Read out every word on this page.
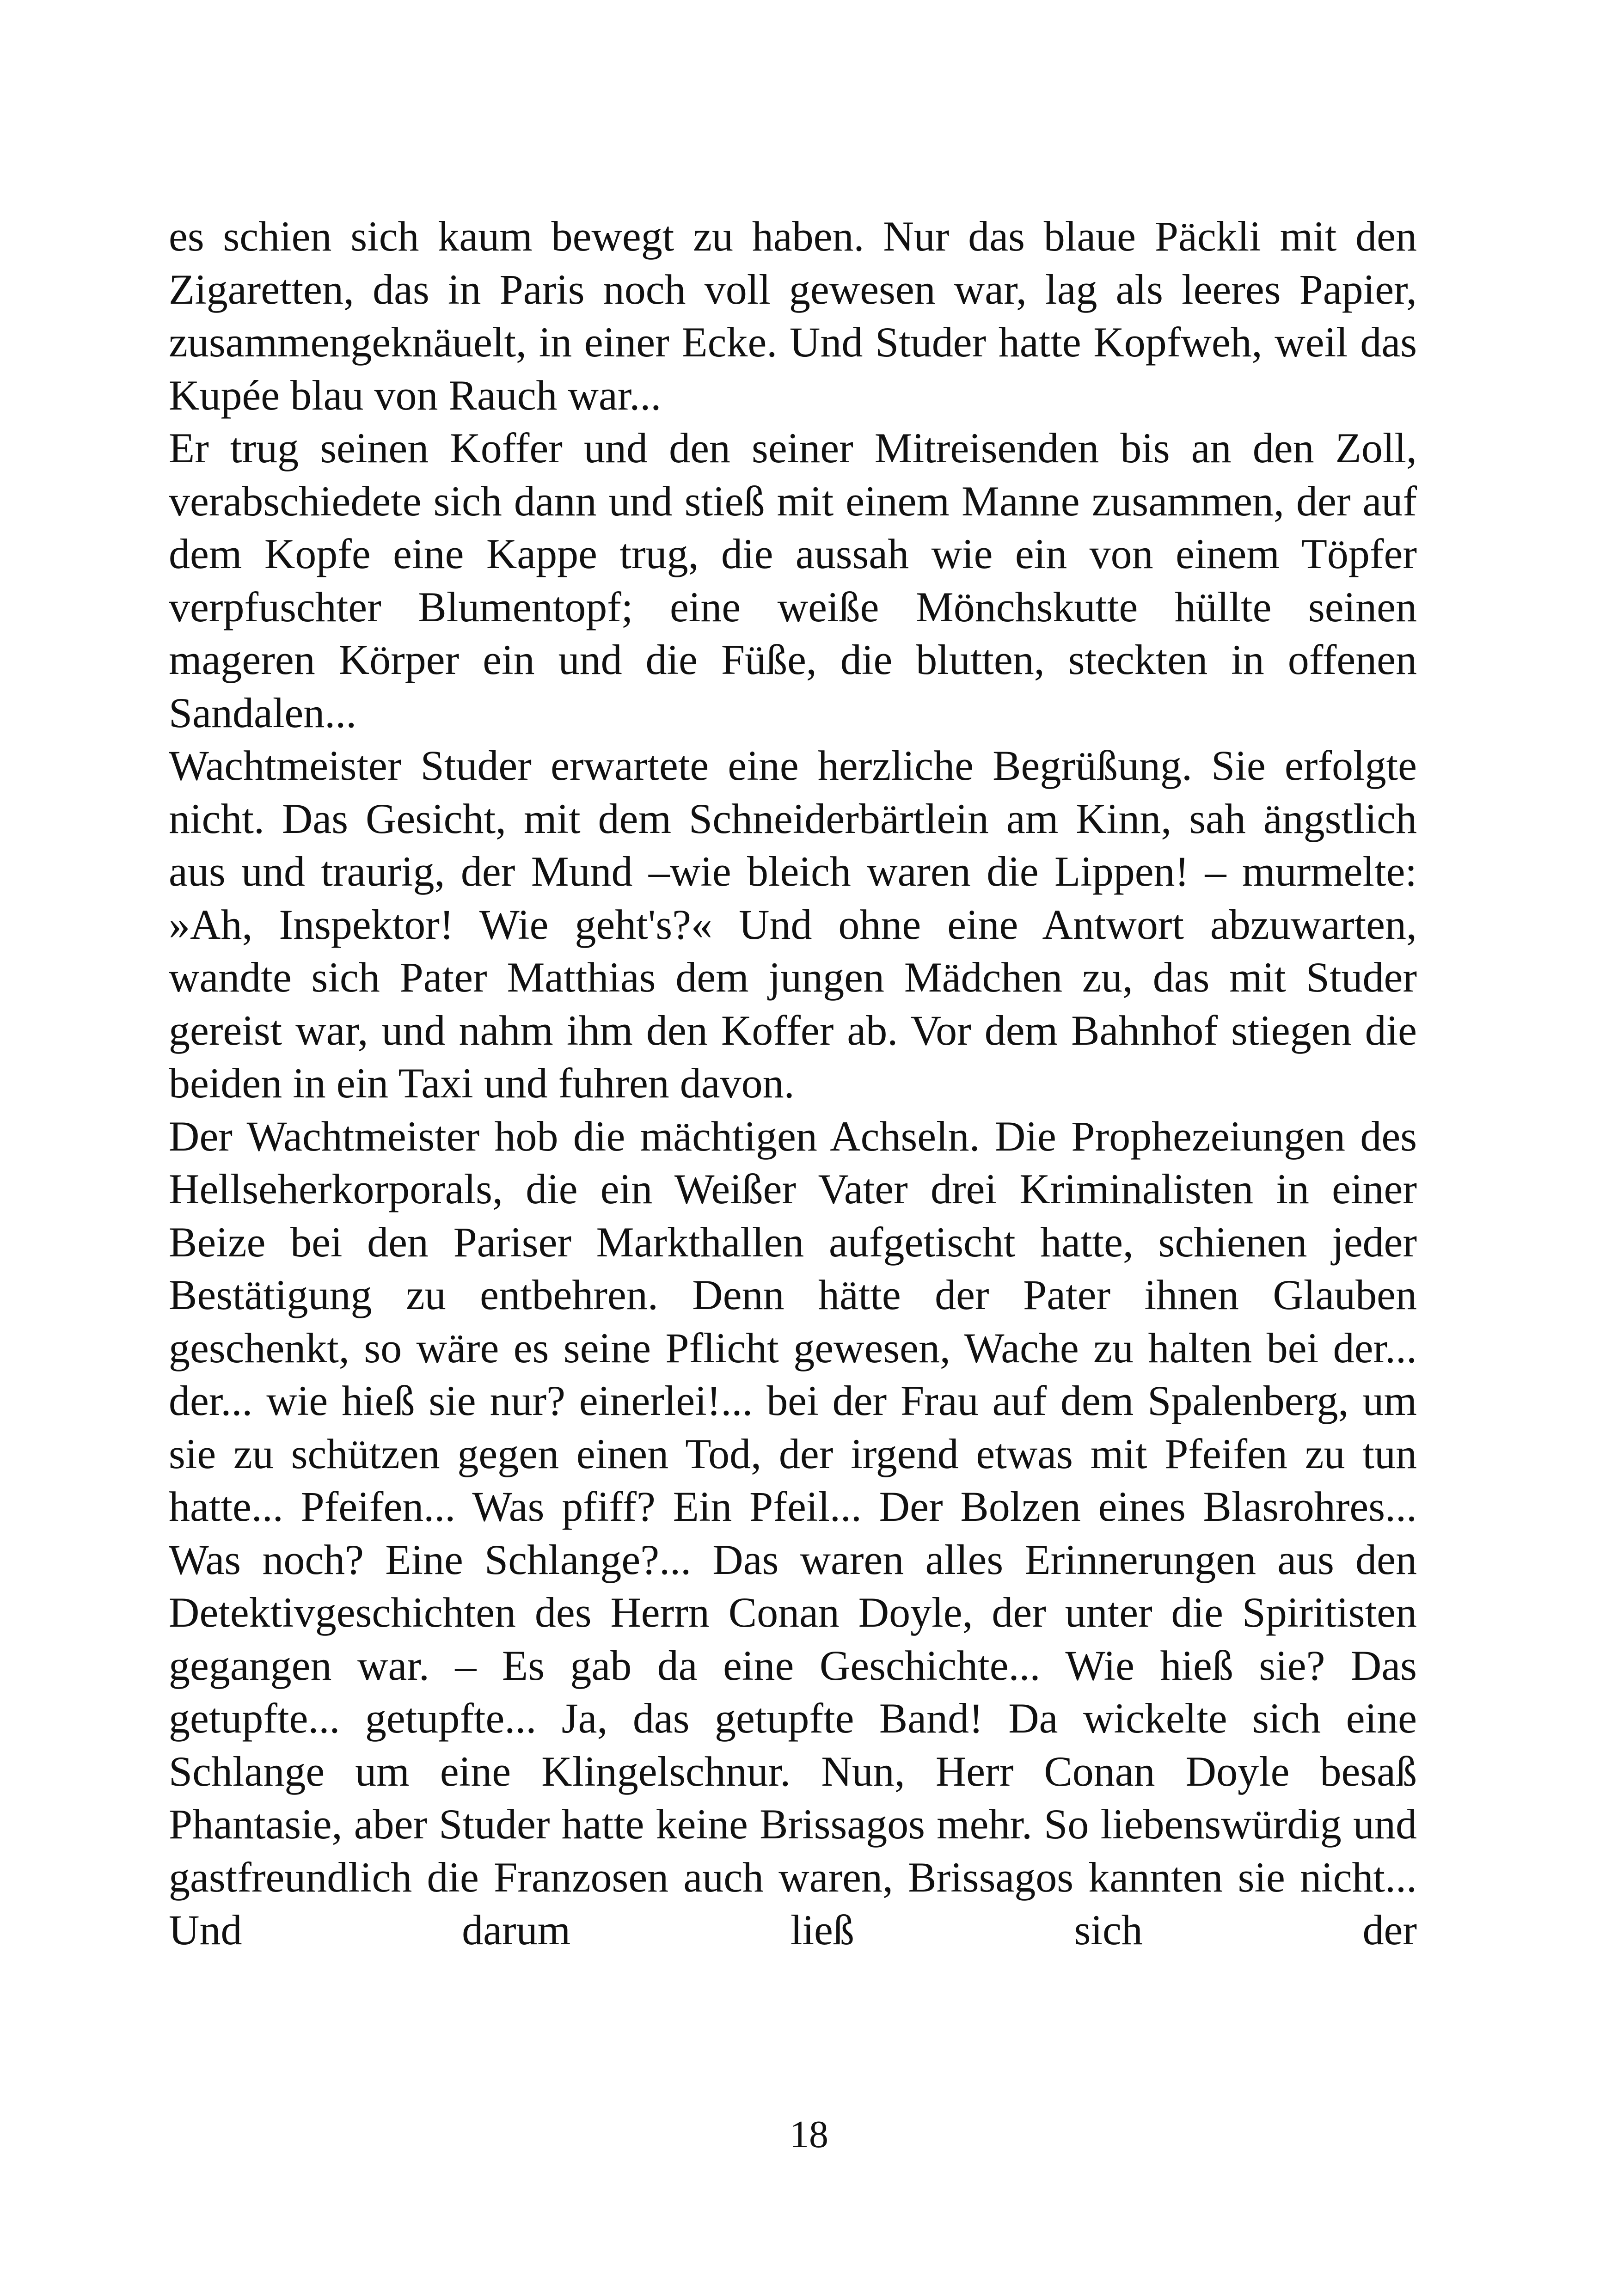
es schien sich kaum bewegt zu haben. Nur das blaue Päckli mit den Zigaretten, das in Paris noch voll gewesen war, lag als leeres Papier, zusammengeknäuelt, in einer Ecke. Und Studer hatte Kopfweh, weil das Kupée blau von Rauch war...

Er trug seinen Koffer und den seiner Mitreisenden bis an den Zoll, verabschiedete sich dann und stieß mit einem Manne zusammen, der auf dem Kopfe eine Kappe trug, die aussah wie ein von einem Töpfer verpfuschter Blumentopf; eine weiße Mönchskutte hüllte seinen mageren Körper ein und die Füße, die blutten, steckten in offenen Sandalen...

Wachtmeister Studer erwartete eine herzliche Begrüßung. Sie erfolgte nicht. Das Gesicht, mit dem Schneiderbärtlein am Kinn, sah ängstlich aus und traurig, der Mund –wie bleich waren die Lippen! – murmelte: »Ah, Inspektor! Wie geht's?« Und ohne eine Antwort abzuwarten, wandte sich Pater Matthias dem jungen Mädchen zu, das mit Studer gereist war, und nahm ihm den Koffer ab. Vor dem Bahnhof stiegen die beiden in ein Taxi und fuhren davon.

Der Wachtmeister hob die mächtigen Achseln. Die Prophezeiungen des Hellseherkorporals, die ein Weißer Vater drei Kriminalisten in einer Beize bei den Pariser Markthallen aufgetischt hatte, schienen jeder Bestätigung zu entbehren. Denn hätte der Pater ihnen Glauben geschenkt, so wäre es seine Pflicht gewesen, Wache zu halten bei der... der... wie hieß sie nur? einerlei!... bei der Frau auf dem Spalenberg, um sie zu schützen gegen einen Tod, der irgend etwas mit Pfeifen zu tun hatte... Pfeifen... Was pfiff? Ein Pfeil... Der Bolzen eines Blasrohres... Was noch? Eine Schlange?... Das waren alles Erinnerungen aus den Detektivgeschichten des Herrn Conan Doyle, der unter die Spiritisten gegangen war. – Es gab da eine Geschichte... Wie hieß sie? Das getupfte... getupfte... Ja, das getupfte Band! Da wickelte sich eine Schlange um eine Klingelschnur. Nun, Herr Conan Doyle besaß Phantasie, aber Studer hatte keine Brissagos mehr. So liebenswürdig und gastfreundlich die Franzosen auch waren, Brissagos kannten sie nicht... Und darum ließ sich der

18
